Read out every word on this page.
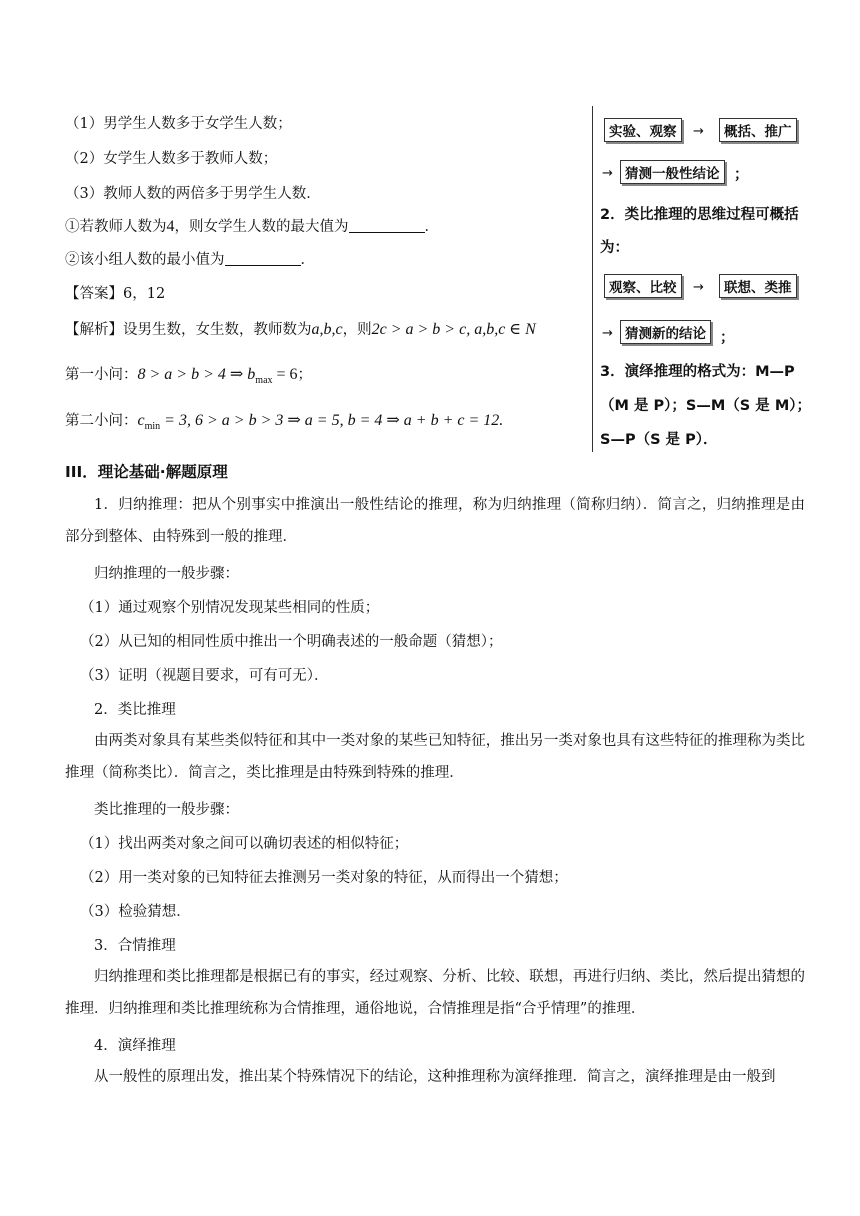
（1）男学生人数多于女学生人数；
（2）女学生人数多于教师人数；
（3）教师人数的两倍多于男学生人数．
①若教师人数为4，则女学生人数的最大值为	．
②该小组人数的最小值为	．
【答案】6，12
【解析】设男生数，女生数，教师数为a,b,c，则2c > a > b > c, a,b,c ∈ N
第一小问：8 > a > b > 4 ⇒ $b_{max} = 6$；
第二小问：$c_{min} = 3$, 6 > a > b > 3 ⇒ a = 5, b = 4 ⇒ a + b + c = 12.
实验、观察	→	概括、推广
→ 猜测一般性结论	；
2．类比推理的思维过程可概括
为：
观察、比较	→	联想、类推
→ 猜测新的结论 ；
3．演绎推理的格式为：M—P
（M 是 P）；S—M（S 是 M）；
S—P（S 是 P）．
III．理论基础·解题原理
1．归纳推理：把从个别事实中推演出一般性结论的推理，称为归纳推理（简称归纳）．简言之，归纳推理是由部分到整体、由特殊到一般的推理．
归纳推理的一般步骤：
（1）通过观察个别情况发现某些相同的性质；
（2）从已知的相同性质中推出一个明确表述的一般命题（猜想）；
（3）证明（视题目要求，可有可无）．
2．类比推理
由两类对象具有某些类似特征和其中一类对象的某些已知特征，推出另一类对象也具有这些特征的推理称为类比推理（简称类比）．简言之，类比推理是由特殊到特殊的推理．
类比推理的一般步骤：
（1）找出两类对象之间可以确切表述的相似特征；
（2）用一类对象的已知特征去推测另一类对象的特征，从而得出一个猜想；
（3）检验猜想．
3．合情推理
归纳推理和类比推理都是根据已有的事实，经过观察、分析、比较、联想，再进行归纳、类比，然后提出猜想的推理．归纳推理和类比推理统称为合情推理，通俗地说，合情推理是指“合乎情理”的推理．
4．演绎推理
从一般性的原理出发，推出某个特殊情况下的结论，这种推理称为演绎推理．简言之，演绎推理是由一般到
